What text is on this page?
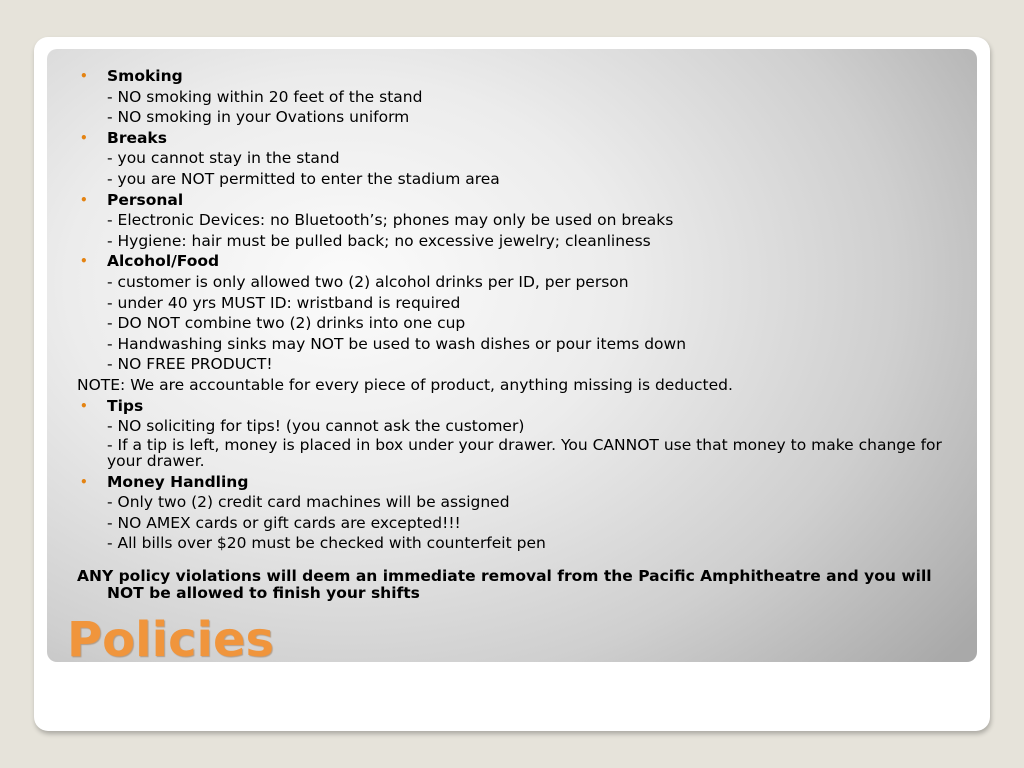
• Smoking
- NO smoking within 20 feet of the stand
- NO smoking in your Ovations uniform
• Breaks
- you cannot stay in the stand
- you are NOT permitted to enter the stadium area
• Personal
- Electronic Devices: no Bluetooth’s; phones may only be used on breaks
- Hygiene: hair must be pulled back; no excessive jewelry; cleanliness
• Alcohol/Food
- customer is only allowed two (2) alcohol drinks per ID, per person
- under 40 yrs MUST ID: wristband is required
- DO NOT combine two (2) drinks into one cup
- Handwashing sinks may NOT be used to wash dishes or pour items down
- NO FREE PRODUCT!
NOTE: We are accountable for every piece of product, anything missing is deducted.
• Tips
- NO soliciting for tips! (you cannot ask the customer)
- If a tip is left, money is placed in box under your drawer. You CANNOT use that money to make change for your drawer.
• Money Handling
- Only two (2) credit card machines will be assigned
- NO AMEX cards or gift cards are excepted!!!
- All bills over $20 must be checked with counterfeit pen
ANY policy violations will deem an immediate removal from the Pacific Amphitheatre and you will NOT be allowed to finish your shifts
Policies
